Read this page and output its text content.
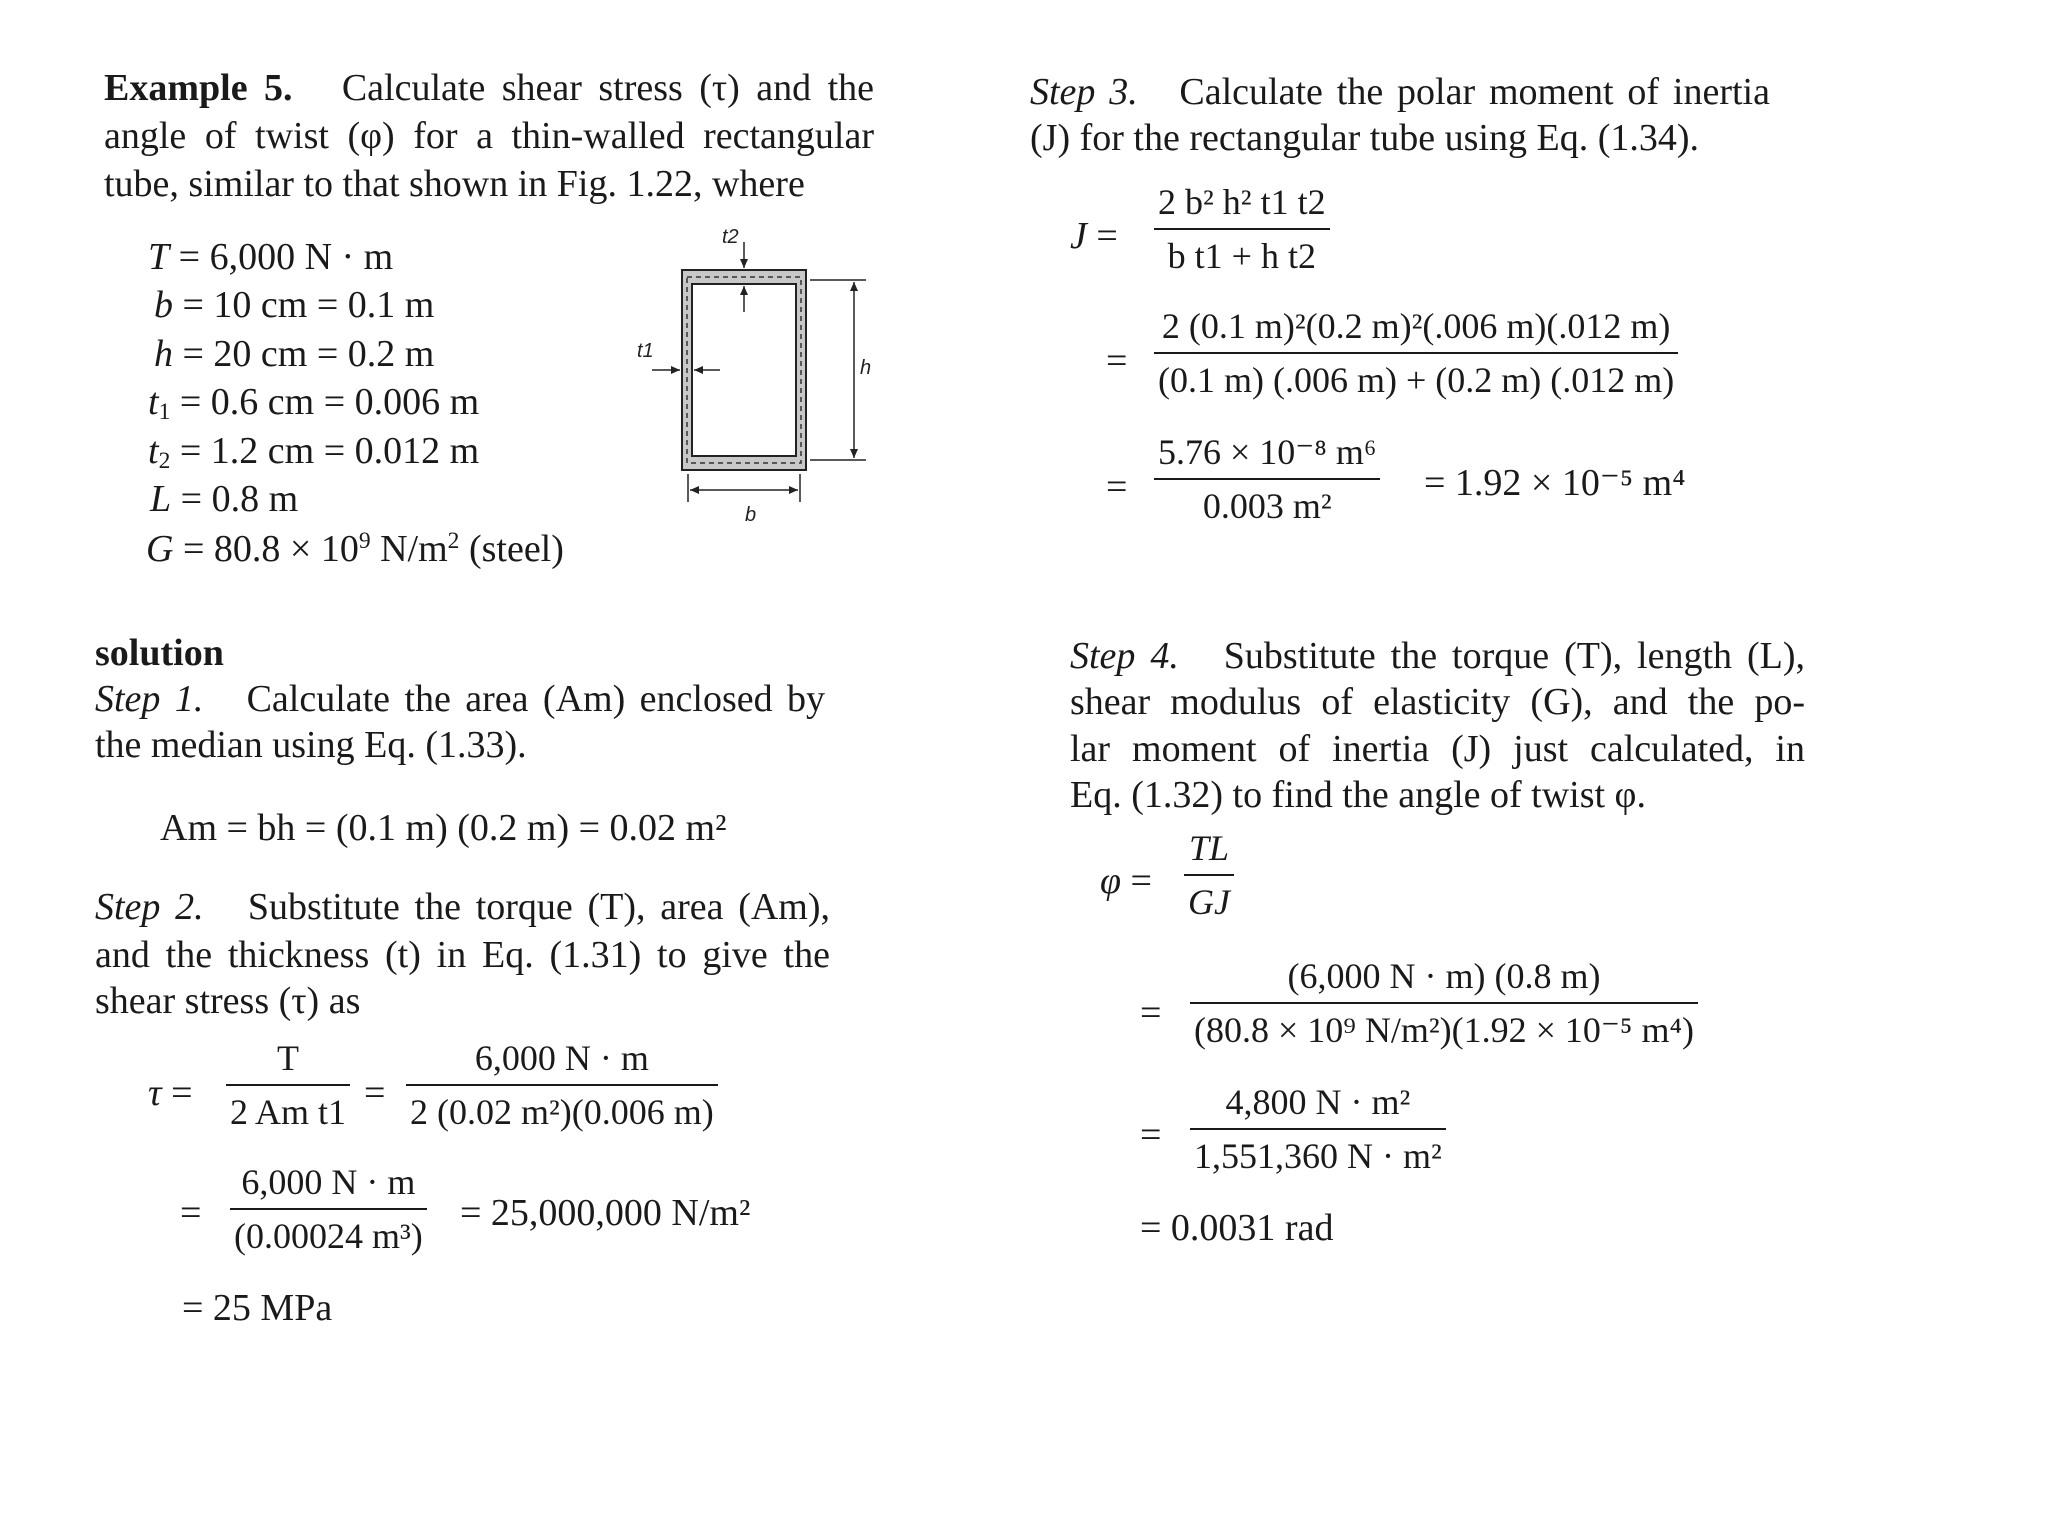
Example 5. Calculate shear stress (τ) and the
angle of twist (φ) for a thin-walled rectangular
tube, similar to that shown in Fig. 1.22, where
T = 6,000 N · m
b = 10 cm = 0.1 m
h = 20 cm = 0.2 m
$t_1 = 0.6$ cm = 0.006 m
$t_2 = 1.2$ cm = 0.012 m
L = 0.8 m
$G = 80.8 \times 10^9$ $N/m^2$ (steel)
t2
t1
h
b
solution
Step 1. Calculate the area (Am) enclosed by
the median using Eq. (1.33).
Am = bh = (0.1 m) (0.2 m) = 0.02 m²
Step 2. Substitute the torque (T), area (Am),
and the thickness (t) in Eq. (1.31) to give the
shear stress (τ) as
τ =
T
2 Am t1 =
6,000 N · m
2 (0.02 m²)(0.006 m)
=
6,000 N · m
(0.00024 m³)
= 25,000,000 N/m²
= 25 MPa
Step 3. Calculate the polar moment of inertia
(J) for the rectangular tube using Eq. (1.34).
J =
2 b² h² t1 t2
b t1 + h t2
=
2 (0.1 m)²(0.2 m)²(.006 m)(.012 m)
(0.1 m) (.006 m) + (0.2 m) (.012 m)
=
5.76 × 10⁻⁸ m⁶
0.003 m²
= 1.92 × 10⁻⁵ m⁴
Step 4. Substitute the torque (T), length (L),
shear modulus of elasticity (G), and the po-
lar moment of inertia (J) just calculated, in
Eq. (1.32) to find the angle of twist φ.
φ =
TL
GJ
=
(6,000 N · m) (0.8 m)
(80.8 × 10⁹ N/m²)(1.92 × 10⁻⁵ m⁴)
=
4,800 N · m²
1,551,360 N · m²
= 0.0031 rad
